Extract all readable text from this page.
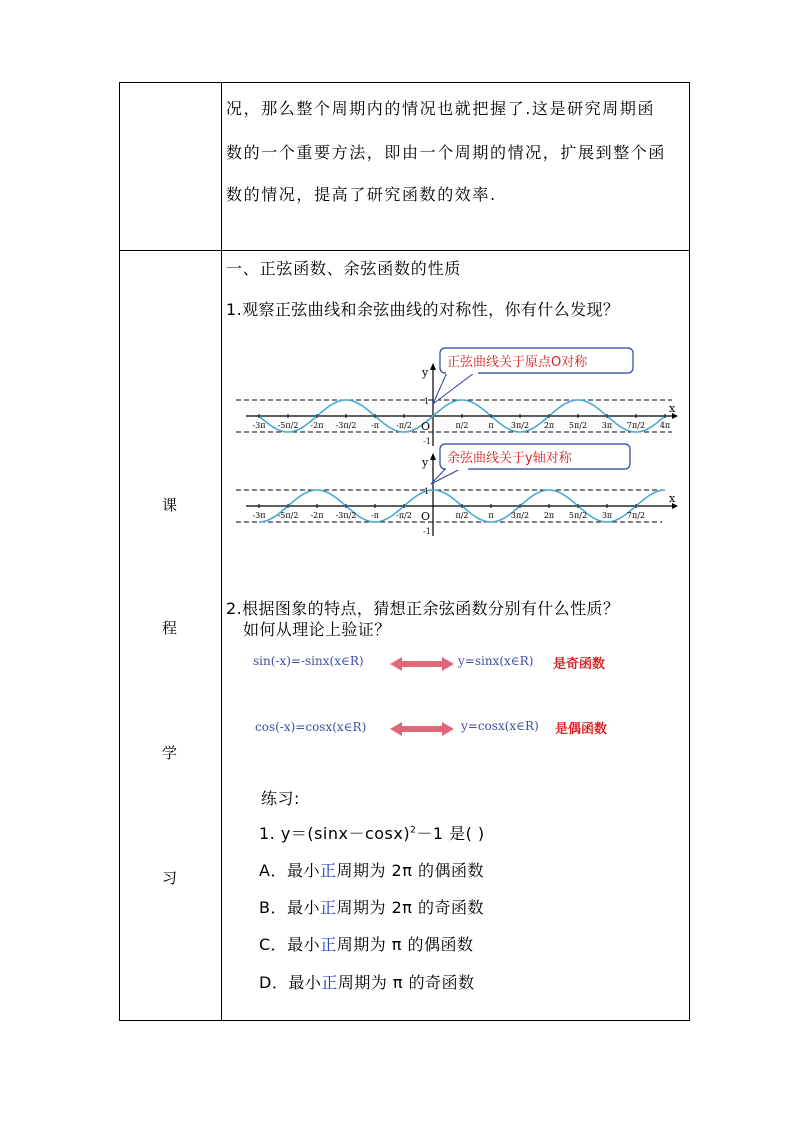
况，那么整个周期内的情况也就把握了.这是研究周期函
数的一个重要方法，即由一个周期的情况，扩展到整个函
数的情况，提高了研究函数的效率.
课
程
学
习
一、正弦函数、余弦函数的性质
1.观察正弦曲线和余弦曲线的对称性，你有什么发现？
-3π -5π/2 -2π -3π/2 -π -π/2	π/2 π 3π/2 2π 5π/2 3π 7π/2 4π
x
y
O
1
-1
-3π -5π/2 -2π -3π/2 -π -π/2	π/2 π 3π/2 2π 5π/2 3π 7π/2
x
y
O
1
-1
正弦曲线关于原点O对称
余弦曲线关于y轴对称
2.根据图象的特点，猜想正余弦函数分别有什么性质？
如何从理论上验证？
sin(-x)=-sinx(x∈R)	y=sinx(x∈R) 是奇函数
cos(-x)=cosx(x∈R)	y=cosx(x∈R) 是偶函数
练习:
1. $y=(\sin x-\cos x)^2-1$ 是( )
A．最小正周期为 2π 的偶函数
B．最小正周期为 2π 的奇函数
C．最小正周期为 π 的偶函数
D．最小正周期为 π 的奇函数
